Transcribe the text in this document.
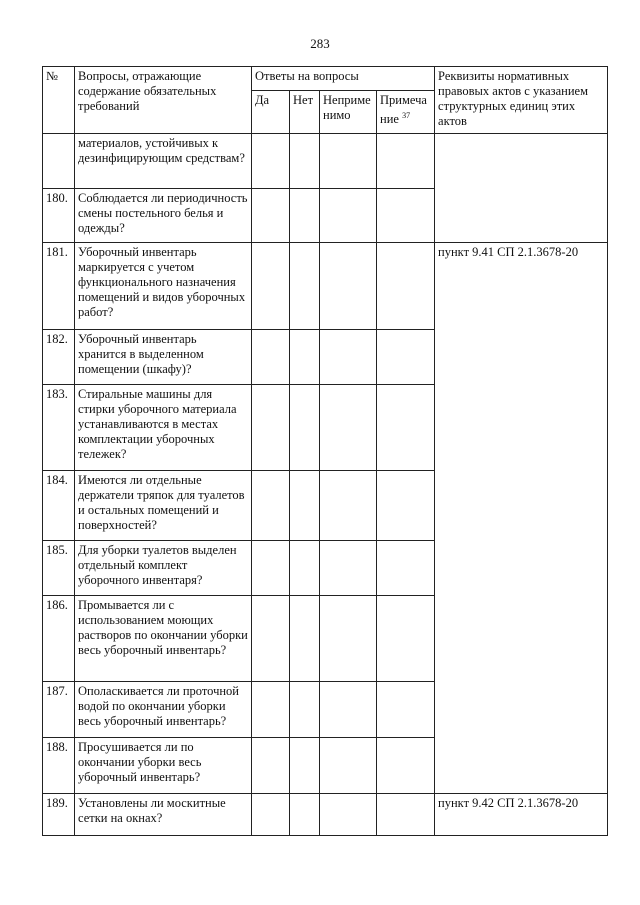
283
№	Вопросы, отражающие содержание обязательных требований	Ответы на вопросы				Реквизиты нормативных правовых актов с указанием структурных единиц этих актов
		Да	Нет	Неприме нимо	Примеча ние $^{37}$
	материалов, устойчивых к дезинфицирующим средствам?					
180.	Соблюдается ли периодичность смены постельного белья и одежды?					
181.	Уборочный инвентарь маркируется с учетом функционального назначения помещений и видов уборочных работ?					пункт 9.41 СП 2.1.3678-20
182.	Уборочный инвентарь хранится в выделенном помещении (шкафу)?					
183.	Стиральные машины для стирки уборочного материала устанавливаются в местах комплектации уборочных тележек?					
184.	Имеются ли отдельные держатели тряпок для туалетов и остальных помещений и поверхностей?					
185.	Для уборки туалетов выделен отдельный комплект уборочного инвентаря?					
186.	Промывается ли с использованием моющих растворов по окончании уборки весь уборочный инвентарь?					
187.	Ополаскивается ли проточной водой по окончании уборки весь уборочный инвентарь?					
188.	Просушивается ли по окончании уборки весь уборочный инвентарь?					
189.	Установлены ли москитные сетки на окнах?					пункт 9.42 СП 2.1.3678-20
